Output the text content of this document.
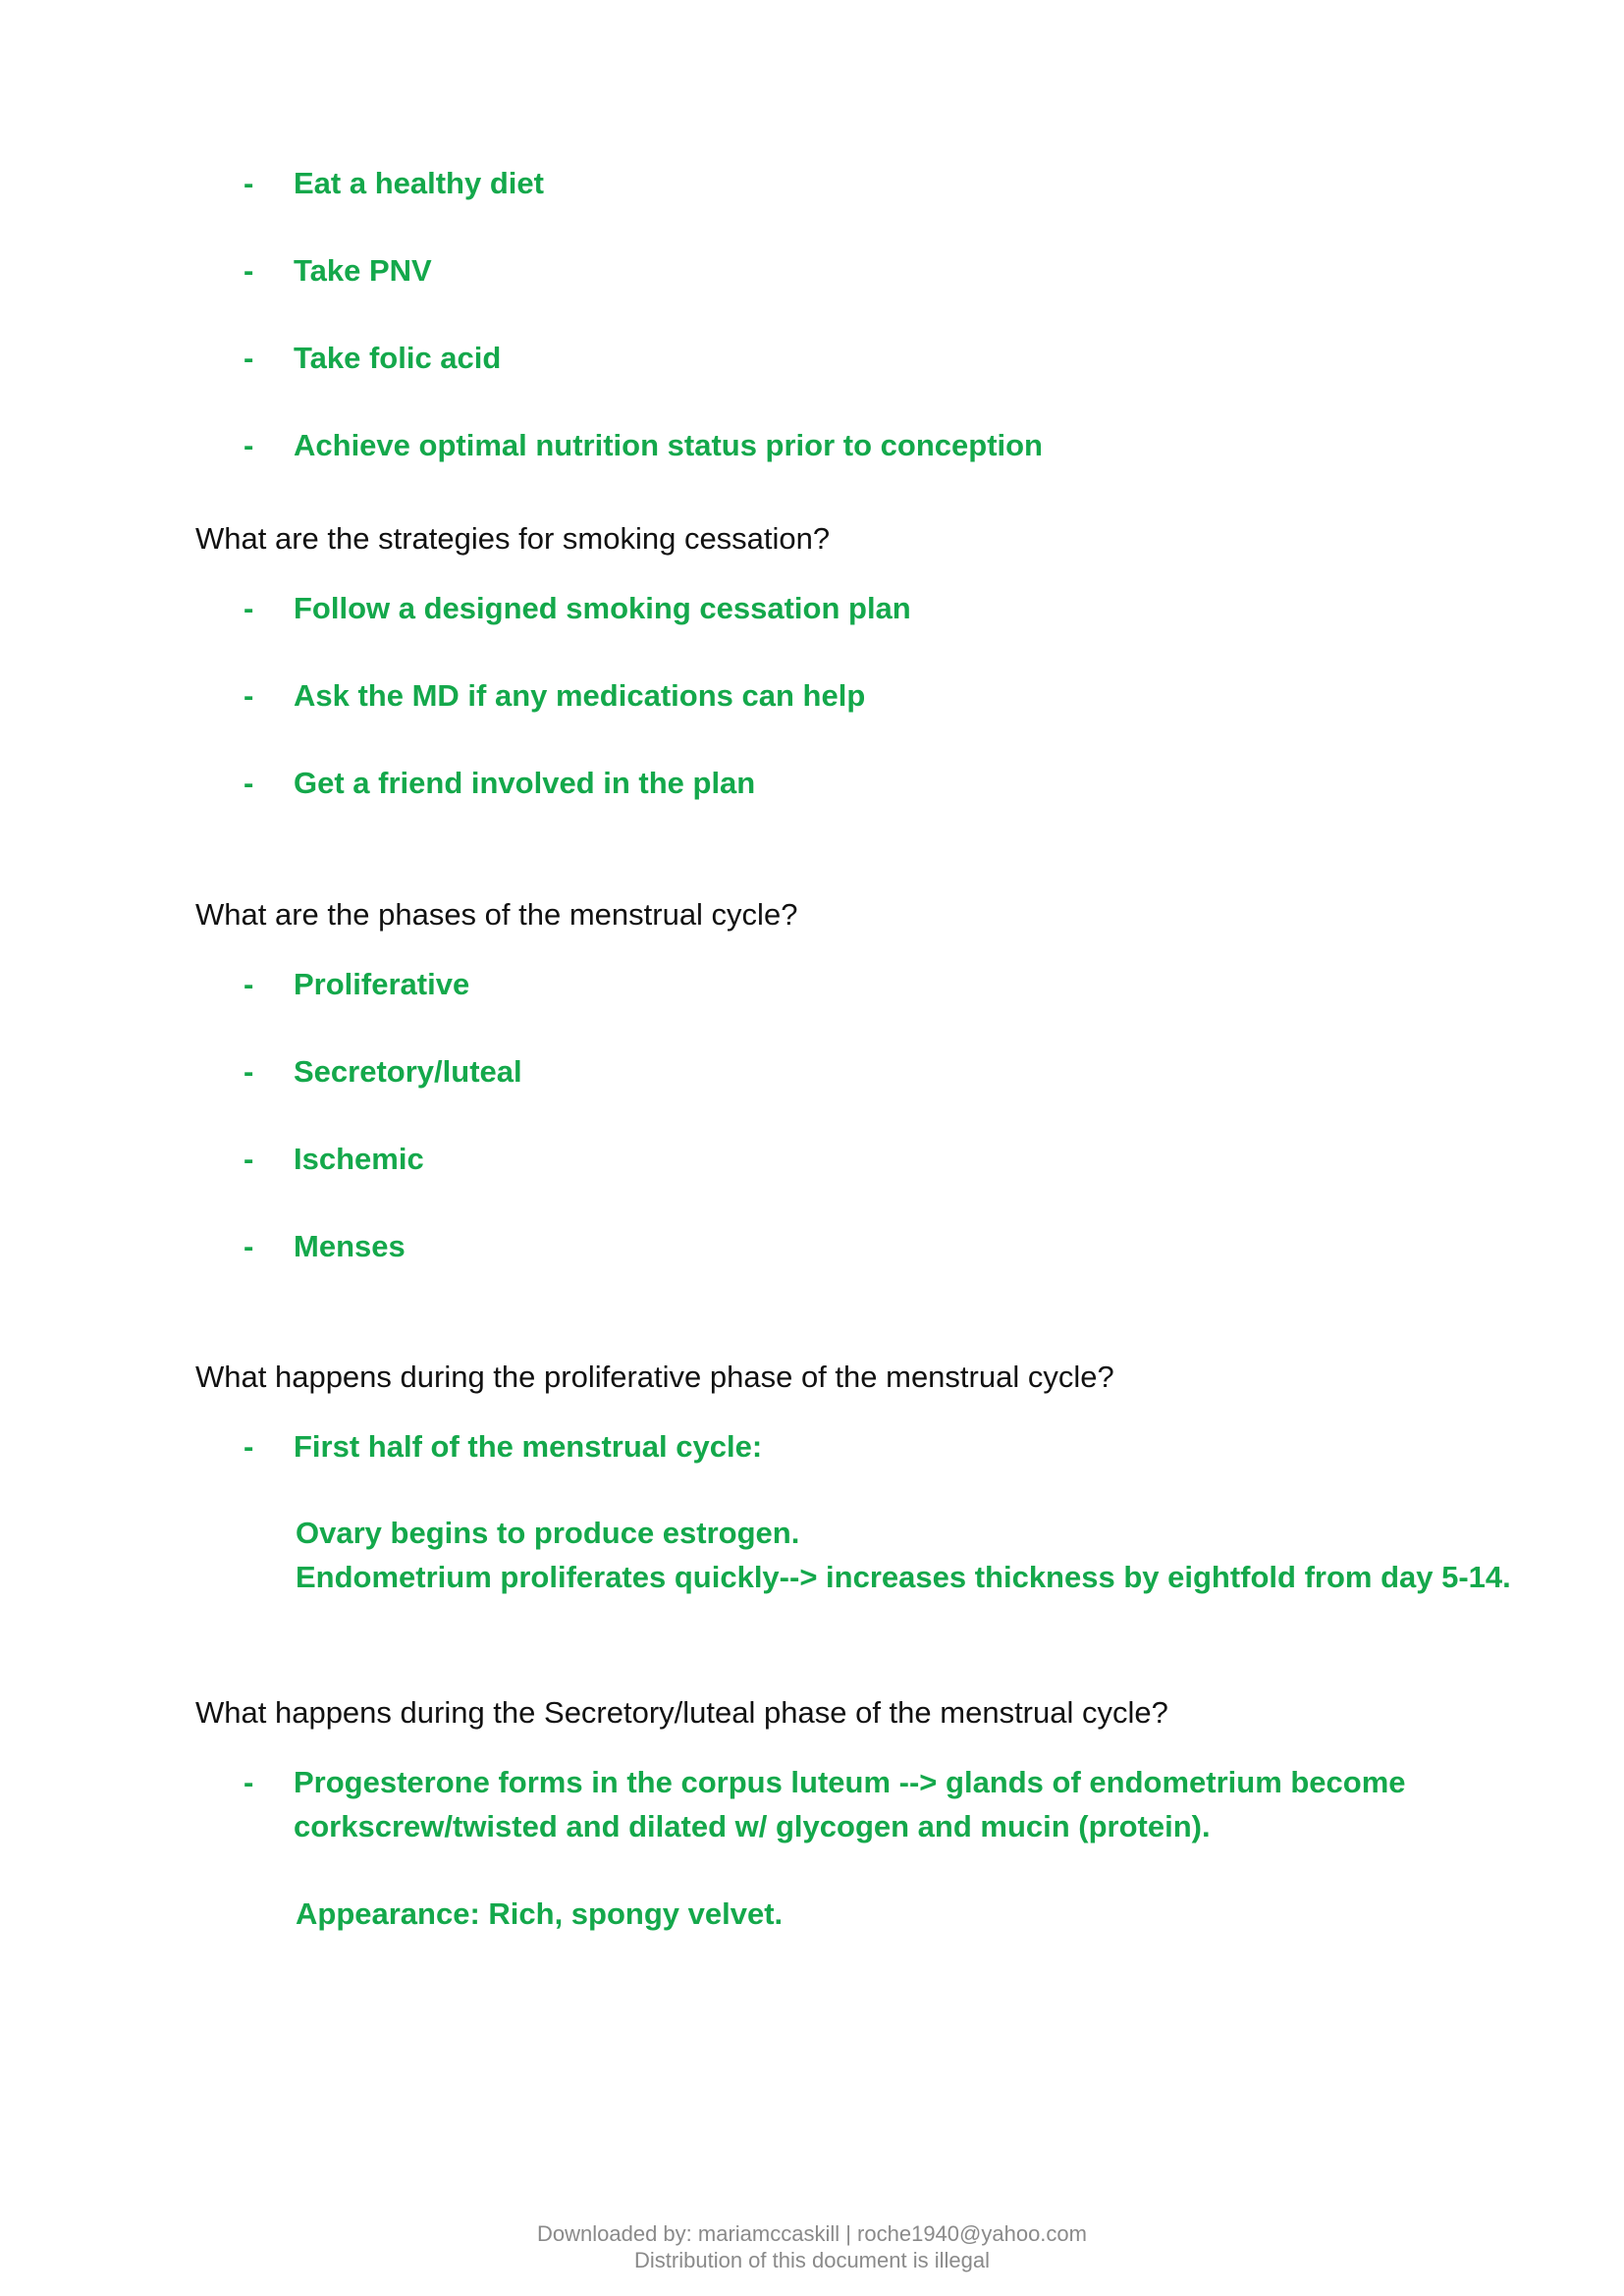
- Eat a healthy diet
- Take PNV
- Take folic acid
- Achieve optimal nutrition status prior to conception
What are the strategies for smoking cessation?
- Follow a designed smoking cessation plan
- Ask the MD if any medications can help
- Get a friend involved in the plan
What are the phases of the menstrual cycle?
- Proliferative
- Secretory/luteal
- Ischemic
- Menses
What happens during the proliferative phase of the menstrual cycle?
- First half of the menstrual cycle:
Ovary begins to produce estrogen.
Endometrium proliferates quickly--> increases thickness by eightfold from day 5-14.
What happens during the Secretory/luteal phase of the menstrual cycle?
- Progesterone forms in the corpus luteum --> glands of endometrium become
corkscrew/twisted and dilated w/ glycogen and mucin (protein).
Appearance: Rich, spongy velvet.
Downloaded by: mariamccaskill | roche1940@yahoo.com
Distribution of this document is illegal
